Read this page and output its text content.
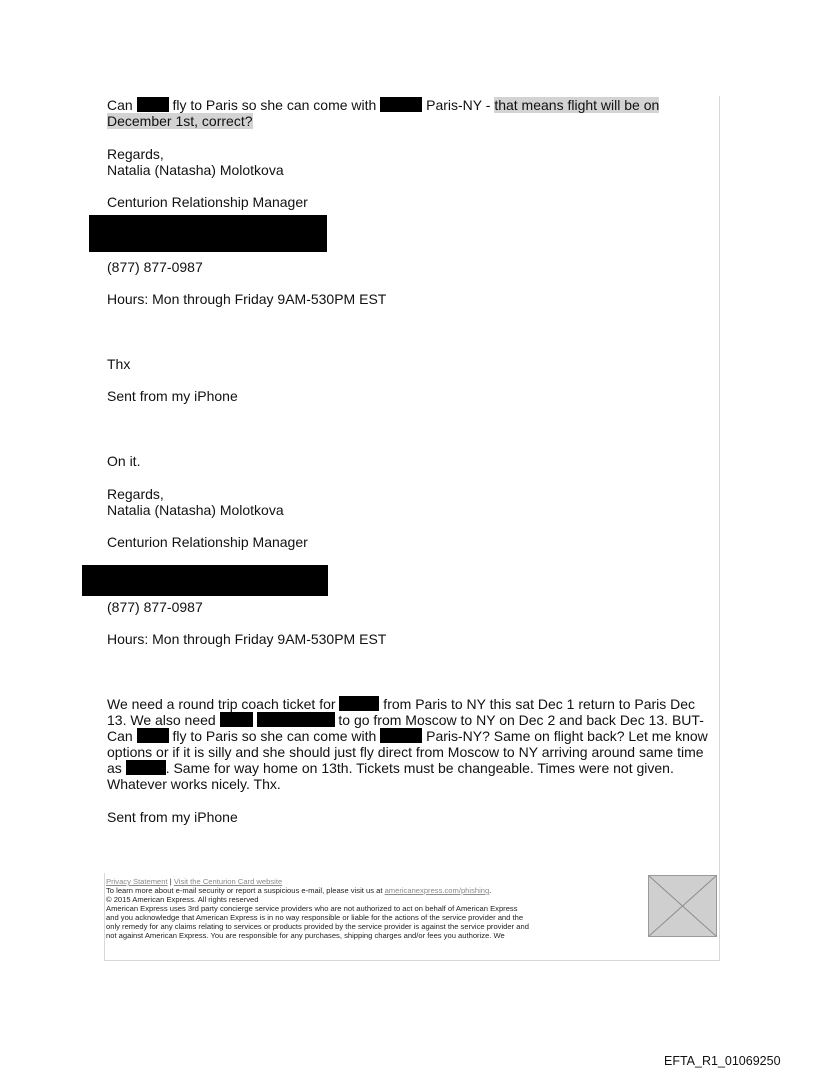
Can  fly to Paris so she can come with	Paris-NY - that means flight will be on
December 1st, correct?
Regards,
Natalia (Natasha) Molotkova
Centurion Relationship Manager
(877) 877-0987
Hours: Mon through Friday 9AM-530PM EST
Thx
Sent from my iPhone
On it.
Regards,
Natalia (Natasha) Molotkova
Centurion Relationship Manager
(877) 877-0987
Hours: Mon through Friday 9AM-530PM EST
We need a round trip coach ticket for	from Paris to NY this sat Dec 1 return to Paris Dec
13. We also need	to go from Moscow to NY on Dec 2 and back Dec 13. BUT-
Can  fly to Paris so she can come with	Paris-NY? Same on flight back? Let me know
options or if it is silly and she should just fly direct from Moscow to NY arriving around same time
as	. Same for way home on 13th. Tickets must be changeable. Times were not given.
Whatever works nicely. Thx.
Sent from my iPhone
Privacy Statement | Visit the Centurion Card website
To learn more about e-mail security or report a suspicious e-mail, please visit us at americanexpress.com/phishing.
© 2015 American Express. All rights reserved
American Express uses 3rd party concierge service providers who are not authorized to act on behalf of American Express
and you acknowledge that American Express is in no way responsible or liable for the actions of the service provider and the
only remedy for any claims relating to services or products provided by the service provider is against the service provider and
not against American Express. You are responsible for any purchases, shipping charges and/or fees you authorize. We
EFTA_R1_01069250
